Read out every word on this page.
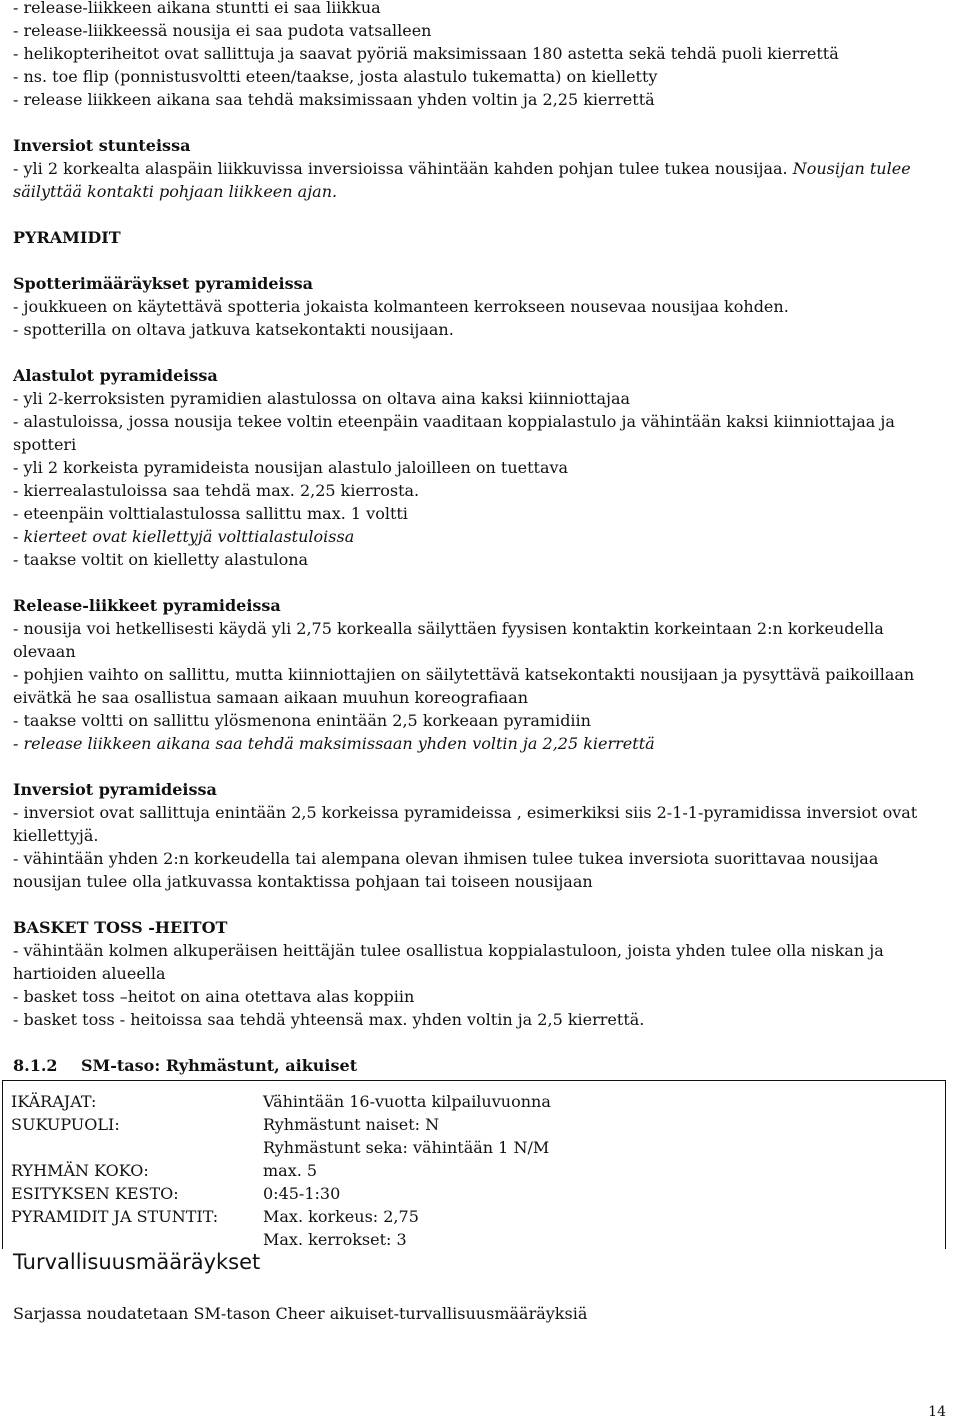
- release-liikkeen aikana stuntti ei saa liikkua

- release-liikkeessä nousija ei saa pudota vatsalleen

- helikopteriheitot ovat sallittuja ja saavat pyöriä maksimissaan 180 astetta sekä tehdä puoli kierrettä

- ns. toe flip (ponnistusvoltti eteen/taakse, josta alastulo tukematta) on kielletty

- release liikkeen aikana saa tehdä maksimissaan yhden voltin ja 2,25 kierrettä

Inversiot stunteissa

- yli 2 korkealta alaspäin liikkuvissa inversioissa vähintään kahden pohjan tulee tukea nousijaa. Nousijan tulee säilyttää kontakti pohjaan liikkeen ajan.

PYRAMIDIT

Spotterimääräykset pyramideissa

- joukkueen on käytettävä spotteria jokaista kolmanteen kerrokseen nousevaa nousijaa kohden.

- spotterilla on oltava jatkuva katsekontakti nousijaan.

Alastulot pyramideissa

- yli 2-kerroksisten pyramidien alastulossa on oltava aina kaksi kiinniottajaa

- alastuloissa, jossa nousija tekee voltin eteenpäin vaaditaan koppialastulo ja vähintään kaksi kiinniottajaa ja spotteri

- yli 2 korkeista pyramideista nousijan alastulo jaloilleen on tuettava

- kierrealastuloissa saa tehdä max. 2,25 kierrosta.

- eteenpäin volttialastulossa sallittu max. 1 voltti

- kierteet ovat kiellettyjä volttialastuloissa

- taakse voltit on kielletty alastulona

Release-liikkeet pyramideissa

- nousija voi hetkellisesti käydä yli 2,75 korkealla säilyttäen fyysisen kontaktin korkeintaan 2:n korkeudella olevaan

- pohjien vaihto on sallittu, mutta kiinniottajien on säilytettävä katsekontakti nousijaan ja pysyttävä paikoillaan eivätkä he saa osallistua samaan aikaan muuhun koreografiaan

- taakse voltti on sallittu ylösmenona enintään 2,5 korkeaan pyramidiin

- release liikkeen aikana saa tehdä maksimissaan yhden voltin ja 2,25 kierrettä

Inversiot pyramideissa

- inversiot ovat sallittuja enintään 2,5 korkeissa pyramideissa , esimerkiksi siis 2-1-1-pyramidissa inversiot ovat kiellettyjä.

- vähintään yhden 2:n korkeudella tai alempana olevan ihmisen tulee tukea inversiota suorittavaa nousijaa nousijan tulee olla jatkuvassa kontaktissa pohjaan tai toiseen nousijaan

BASKET TOSS -HEITOT

- vähintään kolmen alkuperäisen heittäjän tulee osallistua koppialastuloon, joista yhden tulee olla niskan ja hartioiden alueella

- basket toss –heitot on aina otettava alas koppiin

- basket toss - heitoissa saa tehdä yhteensä max. yhden voltin ja 2,5 kierrettä.

8.1.2	SM-taso: Ryhmästunt, aikuiset

IKÄRAJAT:	Vähintään 16-vuotta kilpailuvuonna
SUKUPUOLI:	Ryhmästunt naiset: N
Ryhmästunt seka: vähintään 1 N/M
RYHMÄN KOKO:	max. 5
ESITYKSEN KESTO:	0:45-1:30
PYRAMIDIT JA STUNTIT:	Max. korkeus: 2,75
Max. kerrokset: 3
Turvallisuusmääräykset
Sarjassa noudatetaan SM-tason Cheer aikuiset-turvallisuusmääräyksiä
14
